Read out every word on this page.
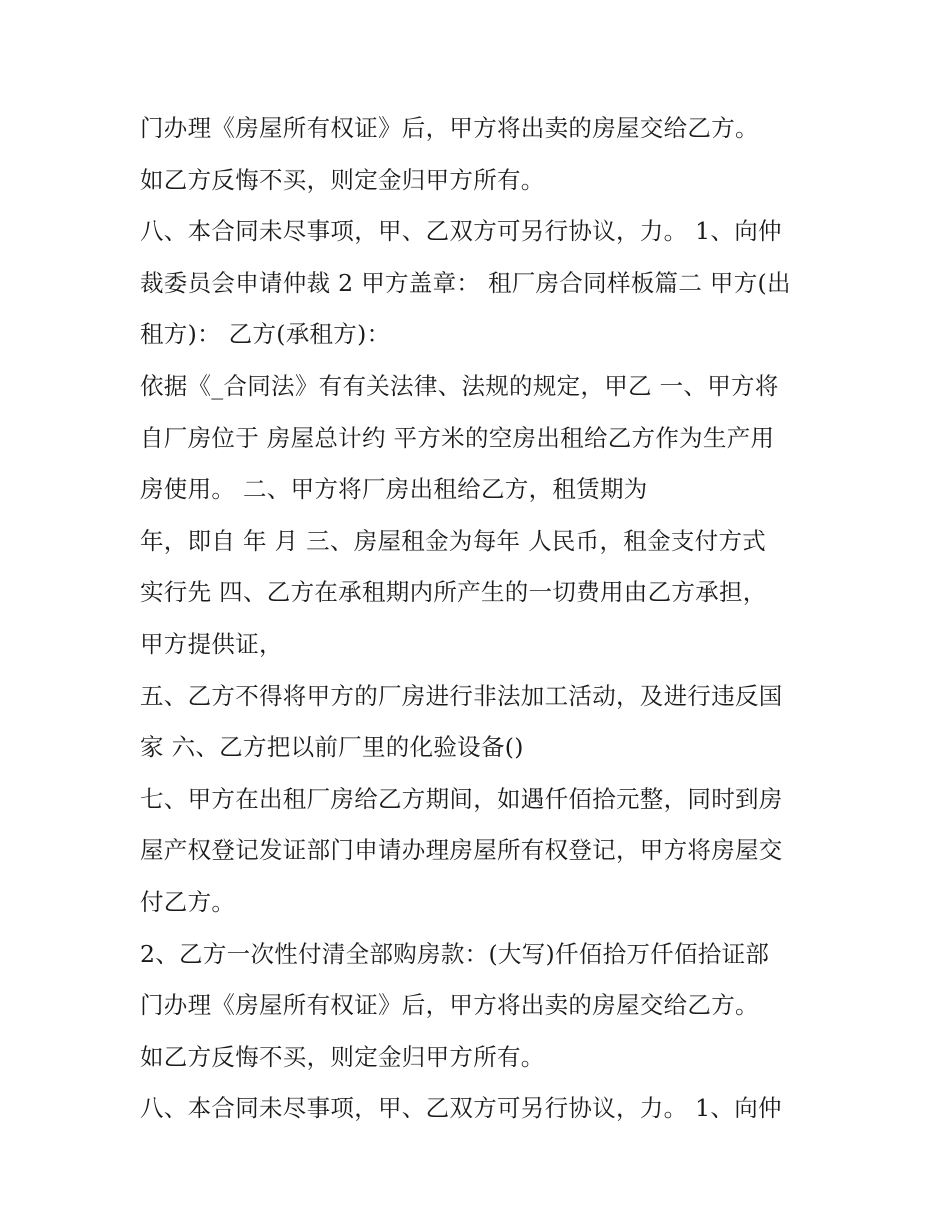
门办理《房屋所有权证》后，甲方将出卖的房屋交给乙方。
如乙方反悔不买，则定金归甲方所有。
八、本合同未尽事项，甲、乙双方可另行协议，力。 1、向仲
裁委员会申请仲裁 2 甲方盖章： 租厂房合同样板篇二 甲方(出
租方)： 乙方(承租方)：
依据《_合同法》有有关法律、法规的规定，甲乙 一、甲方将
自厂房位于 房屋总计约 平方米的空房出租给乙方作为生产用
房使用。 二、甲方将厂房出租给乙方，租赁期为
年，即自 年 月 三、房屋租金为每年 人民币，租金支付方式
实行先 四、乙方在承租期内所产生的一切费用由乙方承担，
甲方提供证，
五、乙方不得将甲方的厂房进行非法加工活动，及进行违反国
家 六、乙方把以前厂里的化验设备()
七、甲方在出租厂房给乙方期间，如遇仟佰拾元整，同时到房
屋产权登记发证部门申请办理房屋所有权登记，甲方将房屋交
付乙方。
2、乙方一次性付清全部购房款：(大写)仟佰拾万仟佰拾证部
门办理《房屋所有权证》后，甲方将出卖的房屋交给乙方。
如乙方反悔不买，则定金归甲方所有。
八、本合同未尽事项，甲、乙双方可另行协议，力。 1、向仲
